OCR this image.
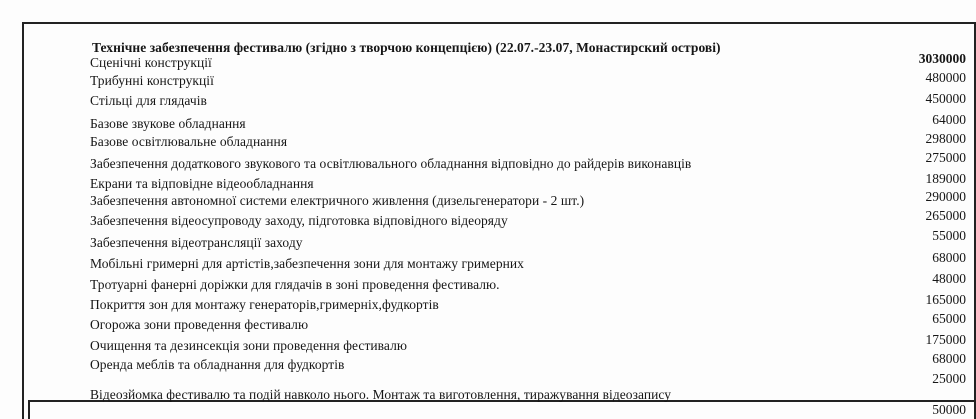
Технічне забезпечення фестивалю (згідно з творчою концепцією) (22.07.-23.07, Монастирский острові)
3030000
Сценічні конструкції
Трибунні конструкції
Стільці для глядачів
Базове звукове обладнання
Базове освітлювальне обладнання
Забезпечення додаткового звукового та освітлювального обладнання відповідно до райдерів виконавців
Екрани та відповідне відеообладнання
Забезпечення автономної системи електричного живлення (дизельгенератори - 2 шт.)
Забезпечення відеосупроводу заходу, підготовка відповідного відеоряду
Забезпечення відеотрансляції заходу
Мобільні гримерні для артістів,забезпечення зони для монтажу гримерних
Тротуарні фанерні доріжки для глядачів в зоні проведення фестивалю.
Покриття зон для монтажу генераторів,гримерніх,фудкортів
Огорожа зони проведення фестивалю
Очищення та дезинсекція зони проведення фестивалю
Оренда меблів та обладнання для фудкортів
Відеозйомка фестивалю та подій навколо нього. Монтаж та виготовлення, тиражування відеозапису
480000
450000
64000
298000
275000
189000
290000
265000
55000
68000
48000
165000
65000
175000
68000
25000
50000
